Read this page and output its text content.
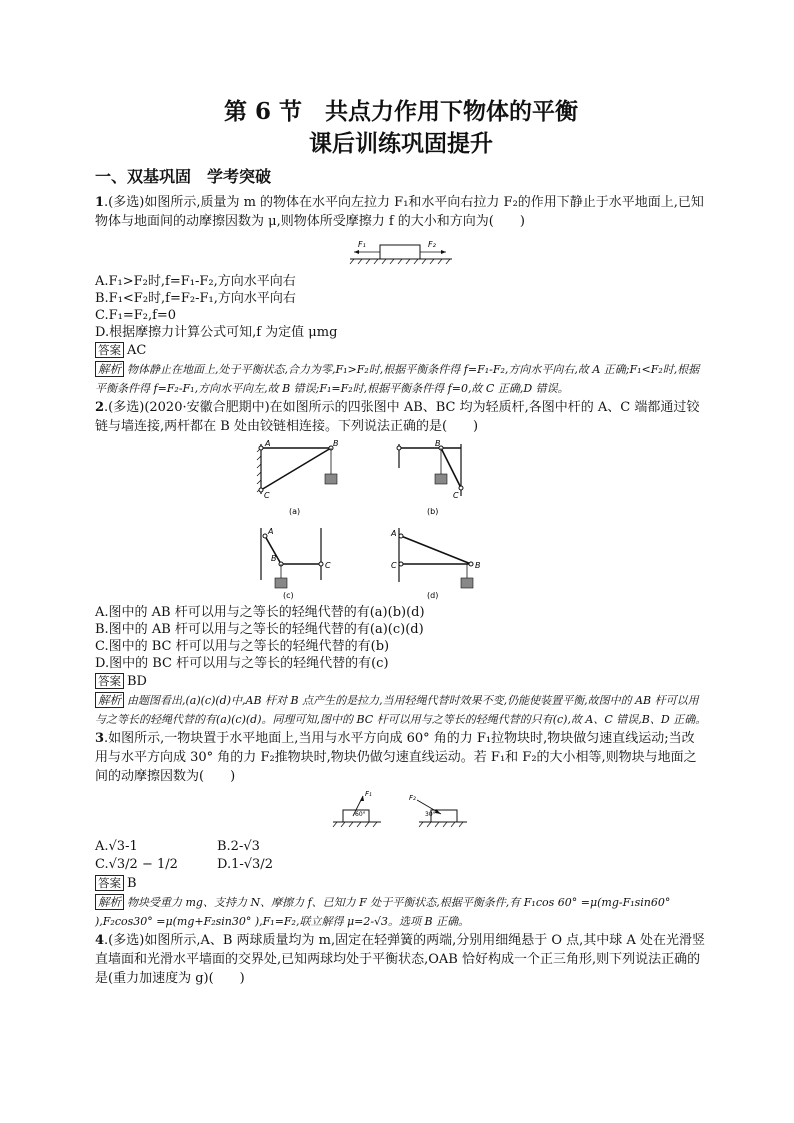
第 6 节　共点力作用下物体的平衡
课后训练巩固提升
一、双基巩固　学考突破

1.(多选)如图所示,质量为 m 的物体在水平向左拉力 F₁和水平向右拉力 F₂的作用下静止于水平地面上,已知物体与地面间的动摩擦因数为 μ,则物体所受摩擦力 f 的大小和方向为(　　)

F₁	F₂

A.F₁>F₂时,f=F₁-F₂,方向水平向右

B.F₁<F₂时,f=F₂-F₁,方向水平向右

C.F₁=F₂,f=0

D.根据摩擦力计算公式可知,f 为定值 μmg

答案 AC

解析 物体静止在地面上,处于平衡状态,合力为零,F₁>F₂时,根据平衡条件得 f=F₁-F₂,方向水平向右,故 A 正确;F₁<F₂时,根据平衡条件得 f=F₂-F₁,方向水平向左,故 B 错误;F₁=F₂时,根据平衡条件得 f=0,故 C 正确,D 错误。

2.(多选)(2020·安徽合肥期中)在如图所示的四张图中 AB、BC 均为轻质杆,各图中杆的 A、C 端都通过铰链与墙连接,两杆都在 B 处由铰链相连接。下列说法正确的是(　　)

A	B
C
(a)
B
C
(b)
A
B
C
(c)
A
C	B
(d)

A.图中的 AB 杆可以用与之等长的轻绳代替的有(a)(b)(d)

B.图中的 AB 杆可以用与之等长的轻绳代替的有(a)(c)(d)

C.图中的 BC 杆可以用与之等长的轻绳代替的有(b)

D.图中的 BC 杆可以用与之等长的轻绳代替的有(c)

答案 BD

解析 由题图看出,(a)(c)(d)中,AB 杆对 B 点产生的是拉力,当用轻绳代替时效果不变,仍能使装置平衡,故图中的 AB 杆可以用与之等长的轻绳代替的有(a)(c)(d)。同理可知,图中的 BC 杆可以用与之等长的轻绳代替的只有(c),故 A、C 错误,B、D 正确。

3.如图所示,一物块置于水平地面上,当用与水平方向成 60° 角的力 F₁拉物块时,物块做匀速直线运动;当改用与水平方向成 30° 角的力 F₂推物块时,物块仍做匀速直线运动。若 F₁和 F₂的大小相等,则物块与地面之间的动摩擦因数为(　　)

F₁
60°
F₂
30°
A.√3-1	B.2-√3
C.√3/2 − 1/2	D.1-√3/2

答案 B

解析 物块受重力 mg、支持力 N、摩擦力 f、已知力 F 处于平衡状态,根据平衡条件,有 F₁cos 60° =μ(mg-F₁sin60° ),F₂cos30° =μ(mg+F₂sin30° ),F₁=F₂,联立解得 μ=2-√3。选项 B 正确。

4.(多选)如图所示,A、B 两球质量均为 m,固定在轻弹簧的两端,分别用细绳悬于 O 点,其中球 A 处在光滑竖直墙面和光滑水平墙面的交界处,已知两球均处于平衡状态,OAB 恰好构成一个正三角形,则下列说法正确的是(重力加速度为 g)(　　)
